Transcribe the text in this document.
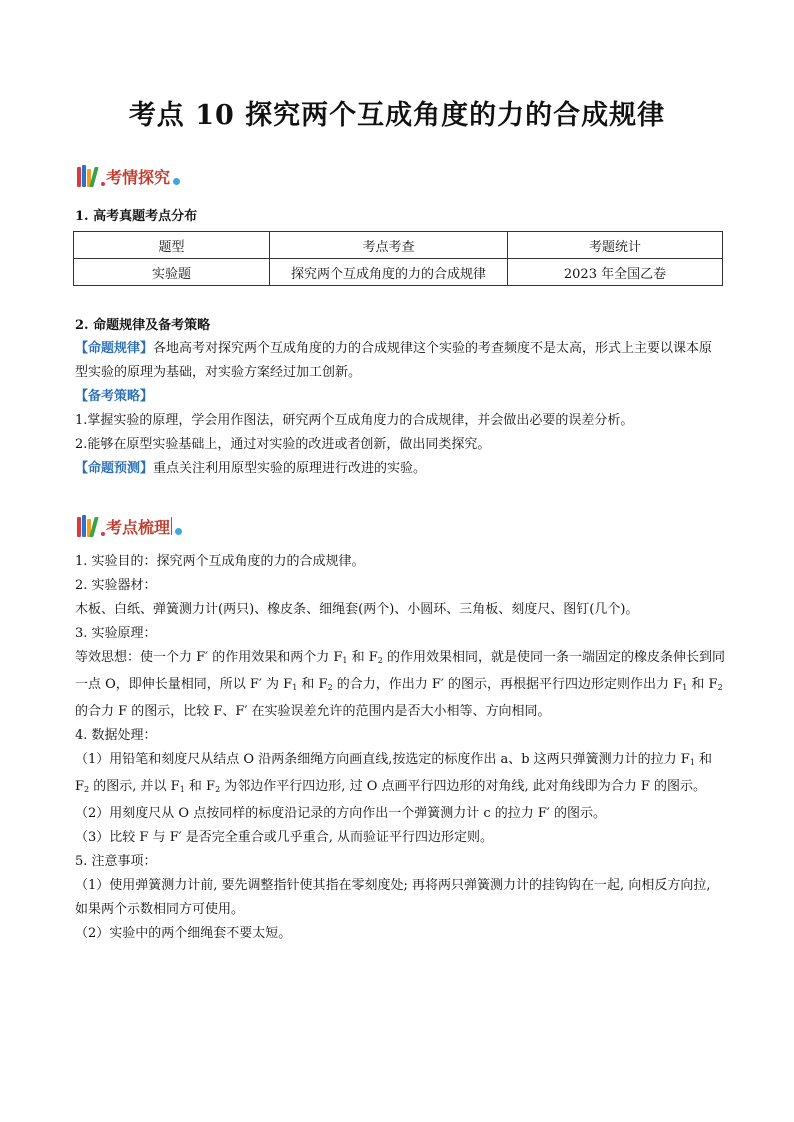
考点 10 探究两个互成角度的力的合成规律
考情探究
1. 高考真题考点分布
题型	考点考查	考题统计
实验题	探究两个互成角度的力的合成规律	2023 年全国乙卷
2. 命题规律及备考策略

【命题规律】各地高考对探究两个互成角度的力的合成规律这个实验的考查频度不是太高，形式上主要以课本原型实验的原理为基础，对实验方案经过加工创新。

【备考策略】

1.掌握实验的原理，学会用作图法，研究两个互成角度力的合成规律，并会做出必要的误差分析。

2.能够在原型实验基础上，通过对实验的改进或者创新，做出同类探究。

【命题预测】重点关注利用原型实验的原理进行改进的实验。

考点梳理

1. 实验目的：探究两个互成角度的力的合成规律。

2. 实验器材：

木板、白纸、弹簧测力计(两只)、橡皮条、细绳套(两个)、小圆环、三角板、刻度尺、图钉(几个)。

3. 实验原理：

等效思想：使一个力 F′ 的作用效果和两个力 $F_1$ 和 $F_2$ 的作用效果相同，就是使同一条一端固定的橡皮条伸长到同一点 O，即伸长量相同，所以 F′ 为 $F_1$ 和 $F_2$ 的合力，作出力 F′ 的图示，再根据平行四边形定则作出力 $F_1$ 和 $F_2$ 的合力 F 的图示，比较 F、F′ 在实验误差允许的范围内是否大小相等、方向相同。

4. 数据处理：

（1）用铅笔和刻度尺从结点 O 沿两条细绳方向画直线,按选定的标度作出 a、b 这两只弹簧测力计的拉力 $F_1$ 和 $F_2$ 的图示, 并以 $F_1$ 和 $F_2$ 为邻边作平行四边形, 过 O 点画平行四边形的对角线, 此对角线即为合力 F 的图示。

（2）用刻度尺从 O 点按同样的标度沿记录的方向作出一个弹簧测力计 c 的拉力 F′ 的图示。

（3）比较 F 与 F′ 是否完全重合或几乎重合, 从而验证平行四边形定则。

5. 注意事项：

（1）使用弹簧测力计前, 要先调整指针使其指在零刻度处; 再将两只弹簧测力计的挂钩钩在一起, 向相反方向拉, 如果两个示数相同方可使用。

（2）实验中的两个细绳套不要太短。
